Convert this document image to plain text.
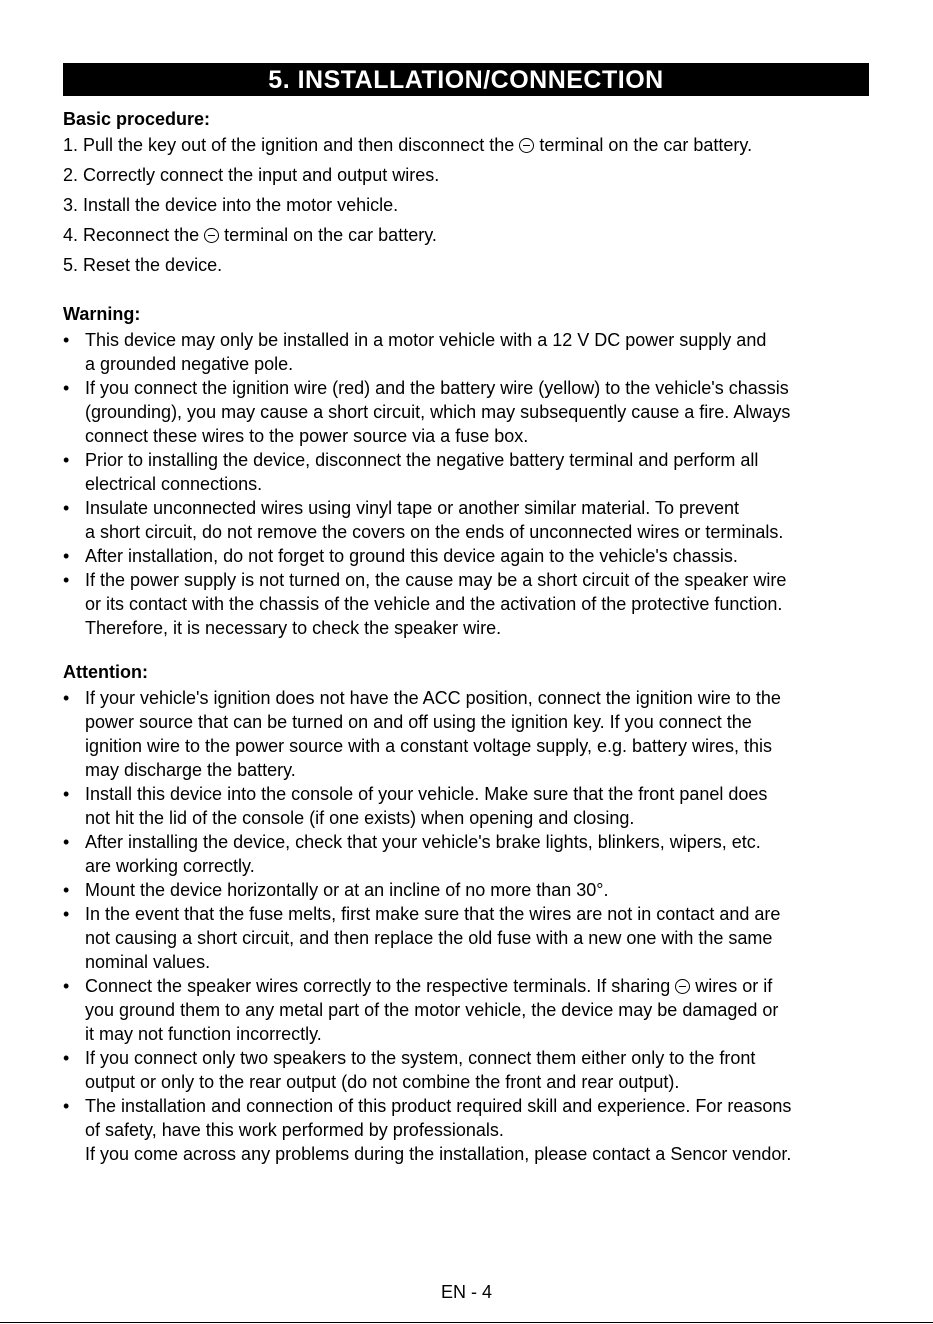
5. INSTALLATION/CONNECTION
Basic procedure:
1. Pull the key out of the ignition and then disconnect the  terminal on the car battery.
2. Correctly connect the input and output wires.
3. Install the device into the motor vehicle.
4. Reconnect the  terminal on the car battery.
5. Reset the device.
Warning:
• This device may only be installed in a motor vehicle with a 12 V DC power supply and
a grounded negative pole.
• If you connect the ignition wire (red) and the battery wire (yellow) to the vehicle's chassis
(grounding), you may cause a short circuit, which may subsequently cause a fire. Always
connect these wires to the power source via a fuse box.
• Prior to installing the device, disconnect the negative battery terminal and perform all
electrical connections.
• Insulate unconnected wires using vinyl tape or another similar material. To prevent
a short circuit, do not remove the covers on the ends of unconnected wires or terminals.
• After installation, do not forget to ground this device again to the vehicle's chassis.
• If the power supply is not turned on, the cause may be a short circuit of the speaker wire
or its contact with the chassis of the vehicle and the activation of the protective function.
Therefore, it is necessary to check the speaker wire.
Attention:
• If your vehicle's ignition does not have the ACC position, connect the ignition wire to the
power source that can be turned on and off using the ignition key. If you connect the
ignition wire to the power source with a constant voltage supply, e.g. battery wires, this
may discharge the battery.
• Install this device into the console of your vehicle. Make sure that the front panel does
not hit the lid of the console (if one exists) when opening and closing.
• After installing the device, check that your vehicle's brake lights, blinkers, wipers, etc.
are working correctly.
• Mount the device horizontally or at an incline of no more than 30°.
• In the event that the fuse melts, first make sure that the wires are not in contact and are
not causing a short circuit, and then replace the old fuse with a new one with the same
nominal values.
• Connect the speaker wires correctly to the respective terminals. If sharing  wires or if
you ground them to any metal part of the motor vehicle, the device may be damaged or
it may not function incorrectly.
• If you connect only two speakers to the system, connect them either only to the front
output or only to the rear output (do not combine the front and rear output).
• The installation and connection of this product required skill and experience. For reasons
of safety, have this work performed by professionals.
If you come across any problems during the installation, please contact a Sencor vendor.
EN - 4
